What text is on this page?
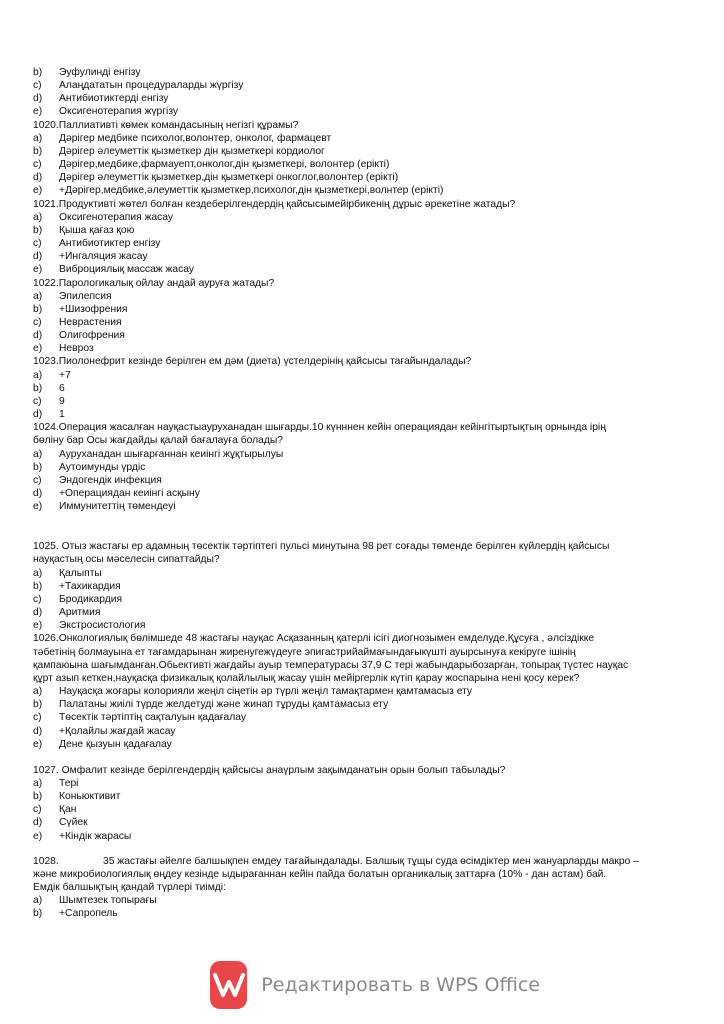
b)	Эуфулинді енгізу
c)	Алаңдататын процедураларды жүргізу
d)	Антибиотиктерді енгізу
e)	Оксигенотерапия жүргізу
1020.Паллиативті көмек командасының негізгі құрамы?
a)	Дәрігер медбике психолог,волонтер, онколог, фармацевт
b)	Дәрігер әлеуметтік қызметкер дін қызметкері кордиолог
c)	Дәрігер,медбике,фармауепт,онколог,дін қызметкері, волонтер (ерікті)
d)	Дәрігер әлеуметтік қызметкер,дін қызметкері онкоглог,волонтер (ерікті)
e)	+Дәрігер,медбике,әлеуметтік қызметкер,психолог,дін қызметкері,волнтер (ерікті)
1021.Продуктивті жөтел болған кездеберілгендердің қайсысымейірбикенің дұрыс әрекетіне жатады?
a)	Оксигенотерапия жасау
b)	Қыша қағаз қою
c)	Антибиотиктер енгізу
d)	+Ингаляция жасау
e)	Виброциялық массаж жасау
1022.Парологикалық ойлау андай ауруға жатады?
a)	Эпилепсия
b)	+Шизофрения
c)	Неврастения
d)	Олигофрения
e)	Невроз
1023.Пиолонефрит кезінде берілген ем дәм (диета) үстелдерінің қайсысы тағайындалады?
a)	+7
b)	6
c)	9
d)	1
1024.Операция жасалған науқастыауруханадан шығарды.10 күнннен кейін операциядан кейінгітыртықтың орнында ірің
бөліну бар Осы жағдайды қалай бағалауға болады?
a)	Ауруханадан шығарғаннан кеиінгі жұқтырылуы
b)	Аутоимунды үрдіс
c)	Эндогендік инфекция
d)	+Операциядан кеиінгі асқыну
e)	Иммунитеттің төмендеуі
1025. Отыз жастағы ер адамның төсектік тәртіптегі пульсі минутына 98 рет соғады төменде берілген күйлердің қайсысы
науқастың осы мәселесін сипаттайды?
a)	Қалыпты
b)	+Тахикардия
c)	Бродикардия
d)	Аритмия
e)	Экстросистология
1026.Онкологиялық бөлімшеде 48 жастағы науқас Асқазанның қатерлі ісігі диогнозымен емделуде.Құсуға , әлсіздікке
тәбетінің болмауына ет тағамдарынан жиренугежүдеуге эпигастрийаймағындағыкүшті ауырсынуға кекіруге ішінің
қампаюына шағымданған.Обьективті жағдайы ауыр температурасы 37,9 С тері жабындарыбозарған, топырақ түстес науқас
құрт азып кеткен,науқасқа физикалық қолайлылық жасау үшін мейіргерлік күтіп қарау жоспарына нені қосу керек?
a)	Науқасқа жоғары колорияли жеңіл сіңетін әр түрлі жеңіл тамақтармен қамтамасыз ету
b)	Палатаны жиілі түрде желдетуді және жинап тұруды қамтамасыз ету
c)	Төсектік тәртіптің сақталуын қадағалау
d)	+Қолайлы жағдай жасау
e)	Дене қызуын қадағалау
1027. Омфалит кезінде берілгендердің қайсысы анаүрлым зақымданатын орын болып табылады?
a)	Тері
b)	Коньюктивит
c)	Қан
d)	Сүйек
e)	+Кіндік жарасы
1028.	35 жастағы әйелге балшықпен емдеу тағайындалады. Балшық тұщы суда өсімдіктер мен жануарларды макро –
және микробиологиялық өңдеу кезінде ыдырағаннан кейін пайда болатын органикалық заттарға (10% - дан астам) бай.
Емдік балшықтың қандай түрлері тиімді:
a)	Шымтезек топырағы
b)	+Сапропель
Редактировать в WPS Office
